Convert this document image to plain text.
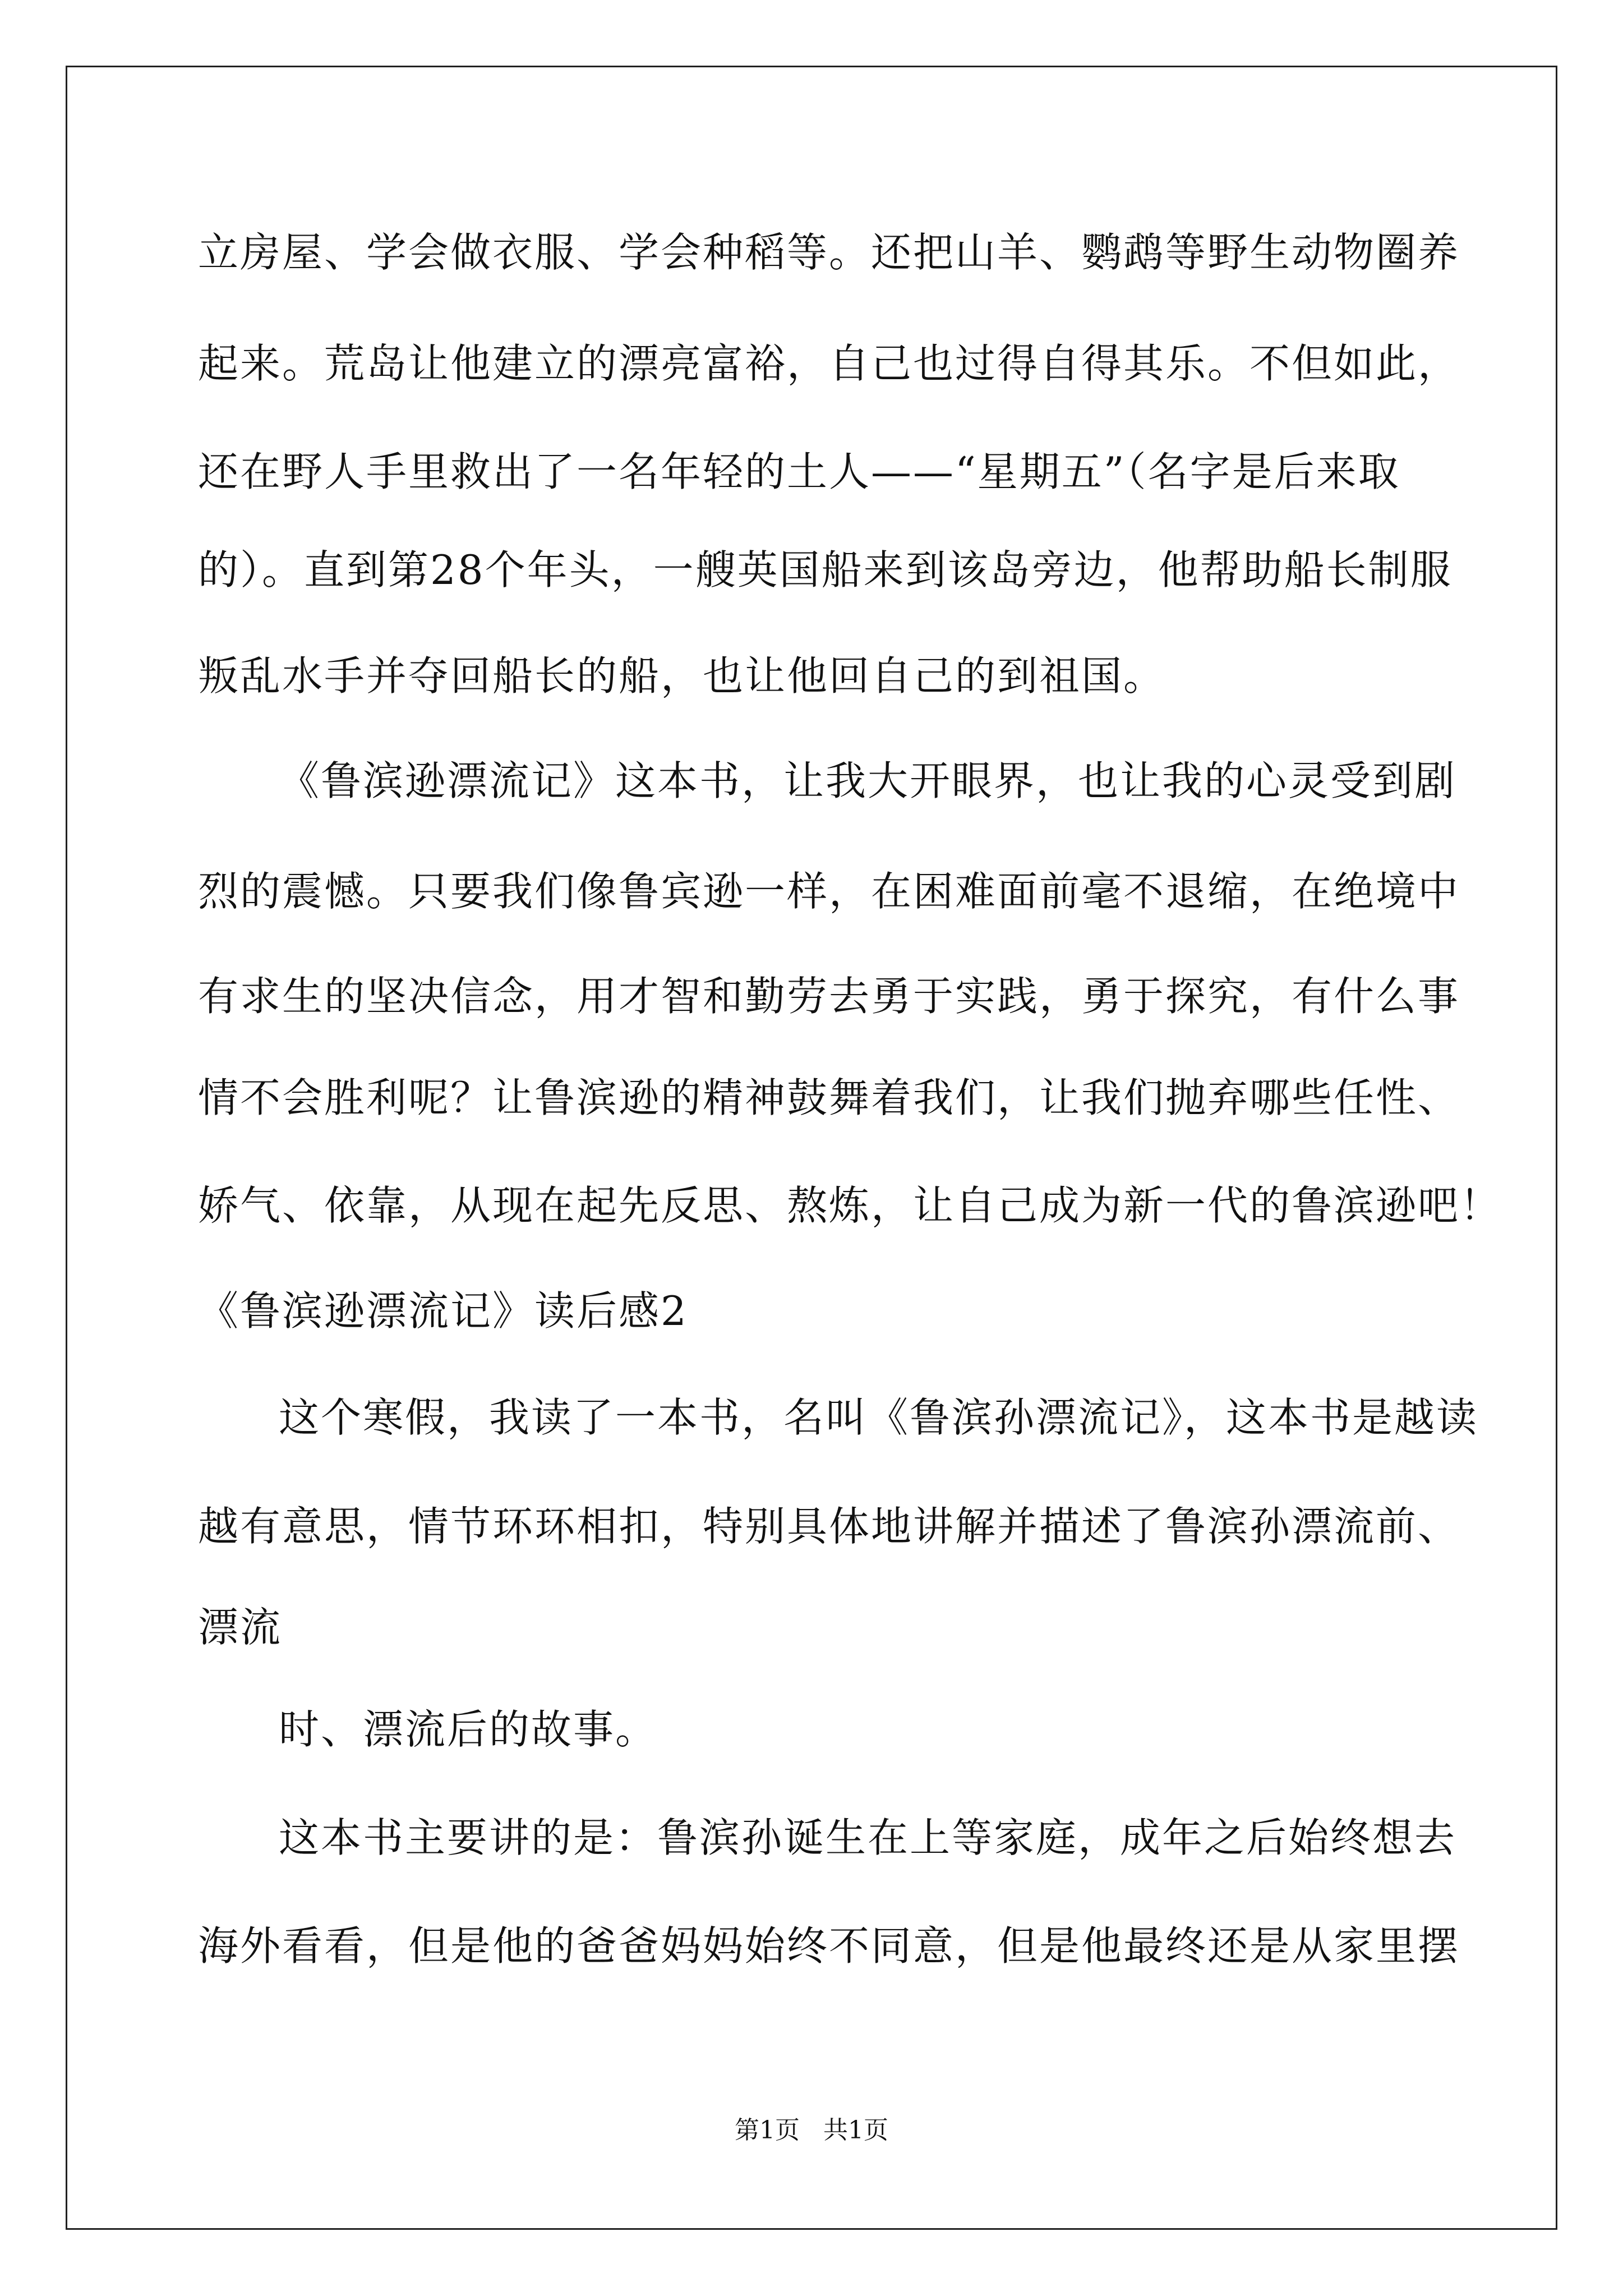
立房屋、学会做衣服、学会种稻等。还把山羊、鹦鹉等野生动物圈养
起来。荒岛让他建立的漂亮富裕，自己也过得自得其乐。不但如此，
还在野人手里救出了一名年轻的土人——“星期五”（名字是后来取
的）。直到第28个年头，一艘英国船来到该岛旁边，他帮助船长制服
叛乱水手并夺回船长的船，也让他回自己的到祖国。
《鲁滨逊漂流记》这本书，让我大开眼界，也让我的心灵受到剧
烈的震憾。只要我们像鲁宾逊一样，在困难面前毫不退缩，在绝境中
有求生的坚决信念，用才智和勤劳去勇于实践，勇于探究，有什么事
情不会胜利呢？让鲁滨逊的精神鼓舞着我们，让我们抛弃哪些任性、
娇气、依靠，从现在起先反思、熬炼，让自己成为新一代的鲁滨逊吧！
《鲁滨逊漂流记》读后感2
这个寒假，我读了一本书，名叫《鲁滨孙漂流记》，这本书是越读
越有意思，情节环环相扣，特别具体地讲解并描述了鲁滨孙漂流前、
漂流
时、漂流后的故事。
这本书主要讲的是：鲁滨孙诞生在上等家庭，成年之后始终想去
海外看看，但是他的爸爸妈妈始终不同意，但是他最终还是从家里摆
第1页   共1页
